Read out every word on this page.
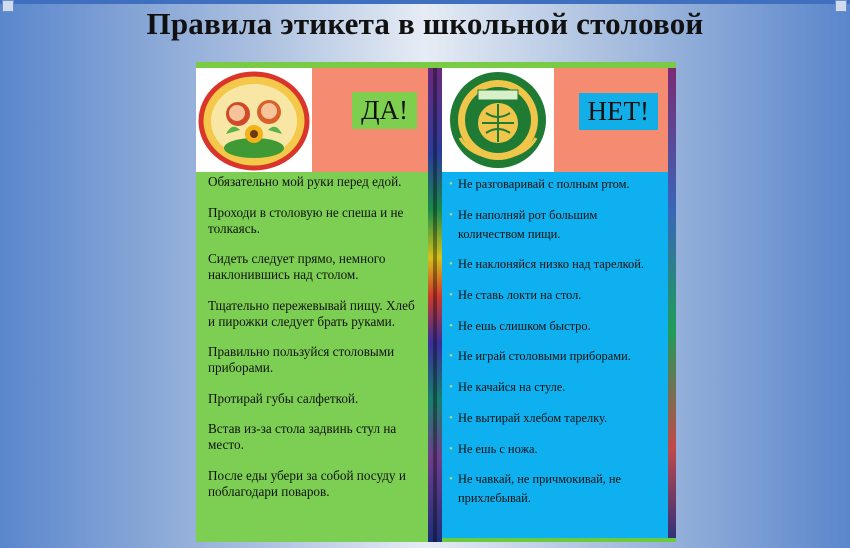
Правила этикета в школьной столовой
ДА!
Обязательно мой руки перед едой.
Проходи в столовую не спеша и не толкаясь.
Сидеть следует прямо, немного наклонившись над столом.
Тщательно пережевывай пищу. Хлеб и пирожки следует брать руками.
Правильно пользуйся столовыми приборами.
Протирай губы салфеткой.
Встав из-за стола задвинь стул на место.
После еды убери за собой посуду и поблагодари поваров.
НЕТ!
• Не разговаривай с полным ртом.
• Не наполняй рот большим количеством пищи.
• Не наклоняйся низко над тарелкой.
• Не ставь локти на стол.
• Не ешь слишком быстро.
• Не играй столовыми приборами.
• Не качайся на стуле.
• Не вытирай хлебом тарелку.
• Не ешь с ножа.
• Не чавкай, не причмокивай, не прихлебывай.
